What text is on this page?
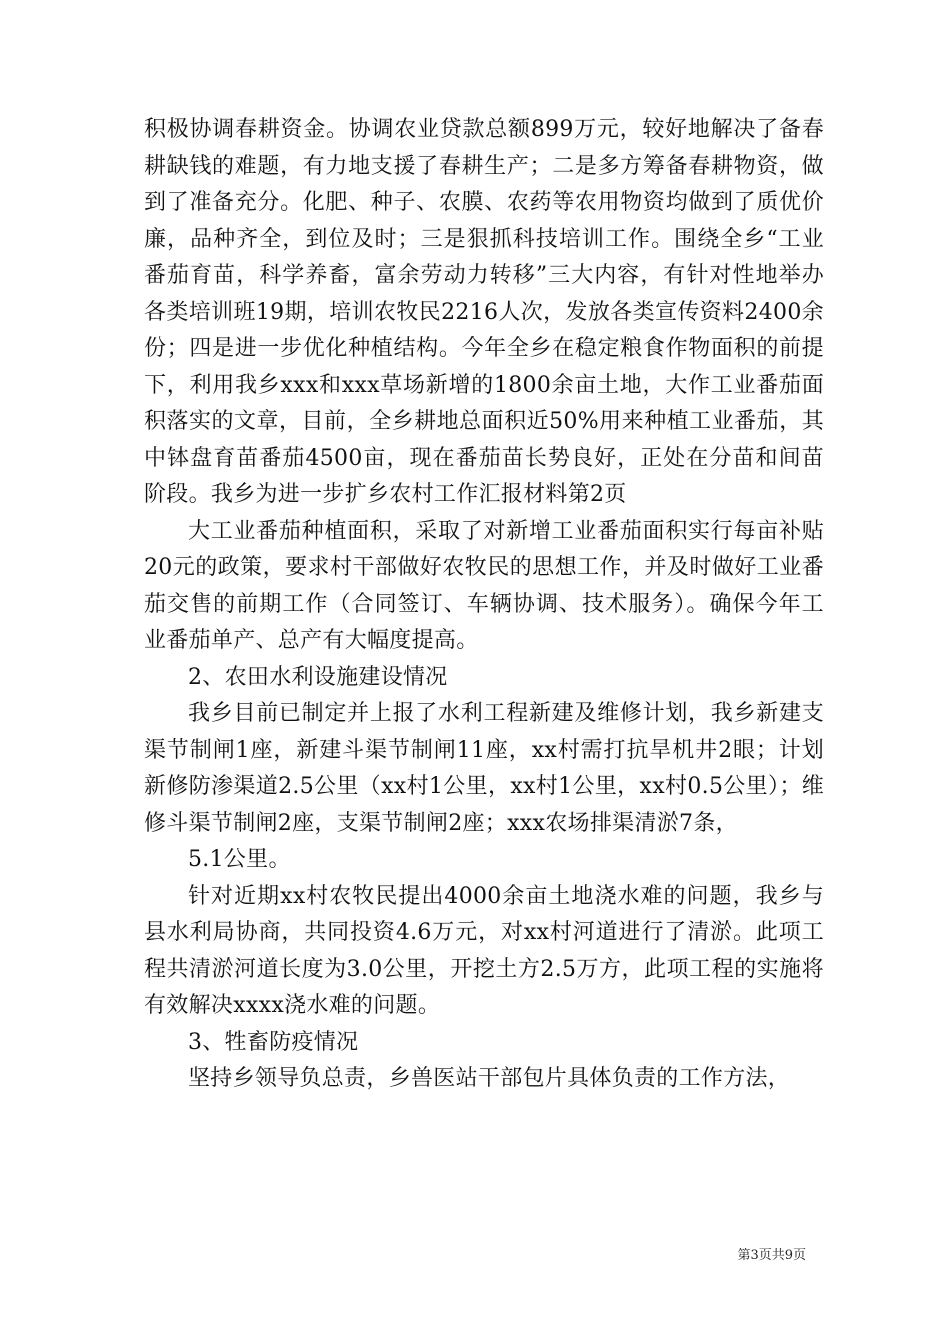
积极协调春耕资金。协调农业贷款总额899万元，较好地解决了备春耕缺钱的难题，有力地支援了春耕生产；二是多方筹备春耕物资，做到了准备充分。化肥、种子、农膜、农药等农用物资均做到了质优价廉，品种齐全，到位及时；三是狠抓科技培训工作。围绕全乡“工业番茄育苗，科学养畜，富余劳动力转移”三大内容，有针对性地举办各类培训班19期，培训农牧民2216人次，发放各类宣传资料2400余份；四是进一步优化种植结构。今年全乡在稳定粮食作物面积的前提下，利用我乡xxx和xxx草场新增的1800余亩土地，大作工业番茄面积落实的文章，目前，全乡耕地总面积近50%用来种植工业番茄，其中钵盘育苗番茄4500亩，现在番茄苗长势良好，正处在分苗和间苗阶段。我乡为进一步扩乡农村工作汇报材料第2页

大工业番茄种植面积，采取了对新增工业番茄面积实行每亩补贴20元的政策，要求村干部做好农牧民的思想工作，并及时做好工业番茄交售的前期工作（合同签订、车辆协调、技术服务）。确保今年工业番茄单产、总产有大幅度提高。

2、农田水利设施建设情况

我乡目前已制定并上报了水利工程新建及维修计划，我乡新建支渠节制闸1座，新建斗渠节制闸11座，xx村需打抗旱机井2眼；计划新修防渗渠道2.5公里（xx村1公里，xx村1公里，xx村0.5公里）；维修斗渠节制闸2座，支渠节制闸2座；xxx农场排渠清淤7条，

5.1公里。

针对近期xx村农牧民提出4000余亩土地浇水难的问题，我乡与县水利局协商，共同投资4.6万元，对xx村河道进行了清淤。此项工程共清淤河道长度为3.0公里，开挖土方2.5万方，此项工程的实施将有效解决xxxx浇水难的问题。

3、牲畜防疫情况

坚持乡领导负总责，乡兽医站干部包片具体负责的工作方法，

第3页共9页
